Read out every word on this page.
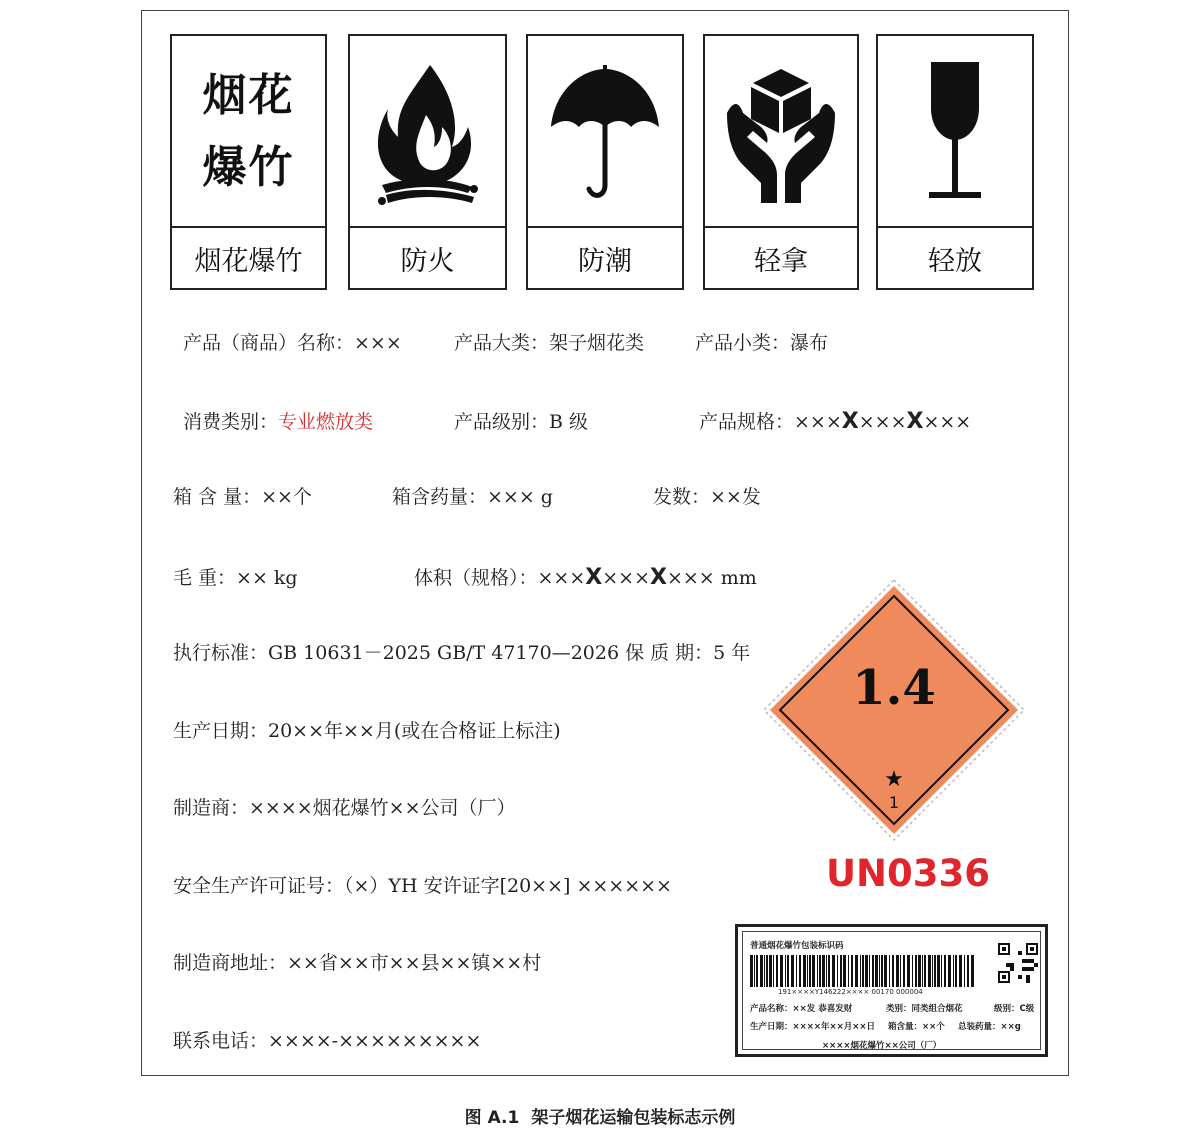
烟花
爆竹
烟花爆竹	防火	防潮	轻拿	轻放
产品（商品）名称：×××	产品大类：架子烟花类	产品小类：瀑布
消费类别：专业燃放类	产品级别：B 级	产品规格：×××X×××X×××
箱 含 量：××个	箱含药量：××× g	发数：××发
毛 重：×× kg	体积（规格）：×××X×××X××× mm
执行标准：GB 10631－2025 GB/T 47170—2026 保 质 期：5 年
生产日期：20××年××月(或在合格证上标注)
制造商：××××烟花爆竹××公司（厂）
安全生产许可证号：（×）YH 安许证字[20××] ××××××
制造商地址：××省××市××县××镇××村
联系电话：××××-×××××××××
1.4
★
1
UN0336
普通烟花爆竹包装标识码
191××××Y146222×××× 00170 000004
产品名称：××发 恭喜发财	类别：同类组合烟花	级别：C级
生产日期：××××年××月××日 箱含量：××个 总装药量：××g
××××烟花爆竹××公司（厂）
图 A.1 架子烟花运输包装标志示例
